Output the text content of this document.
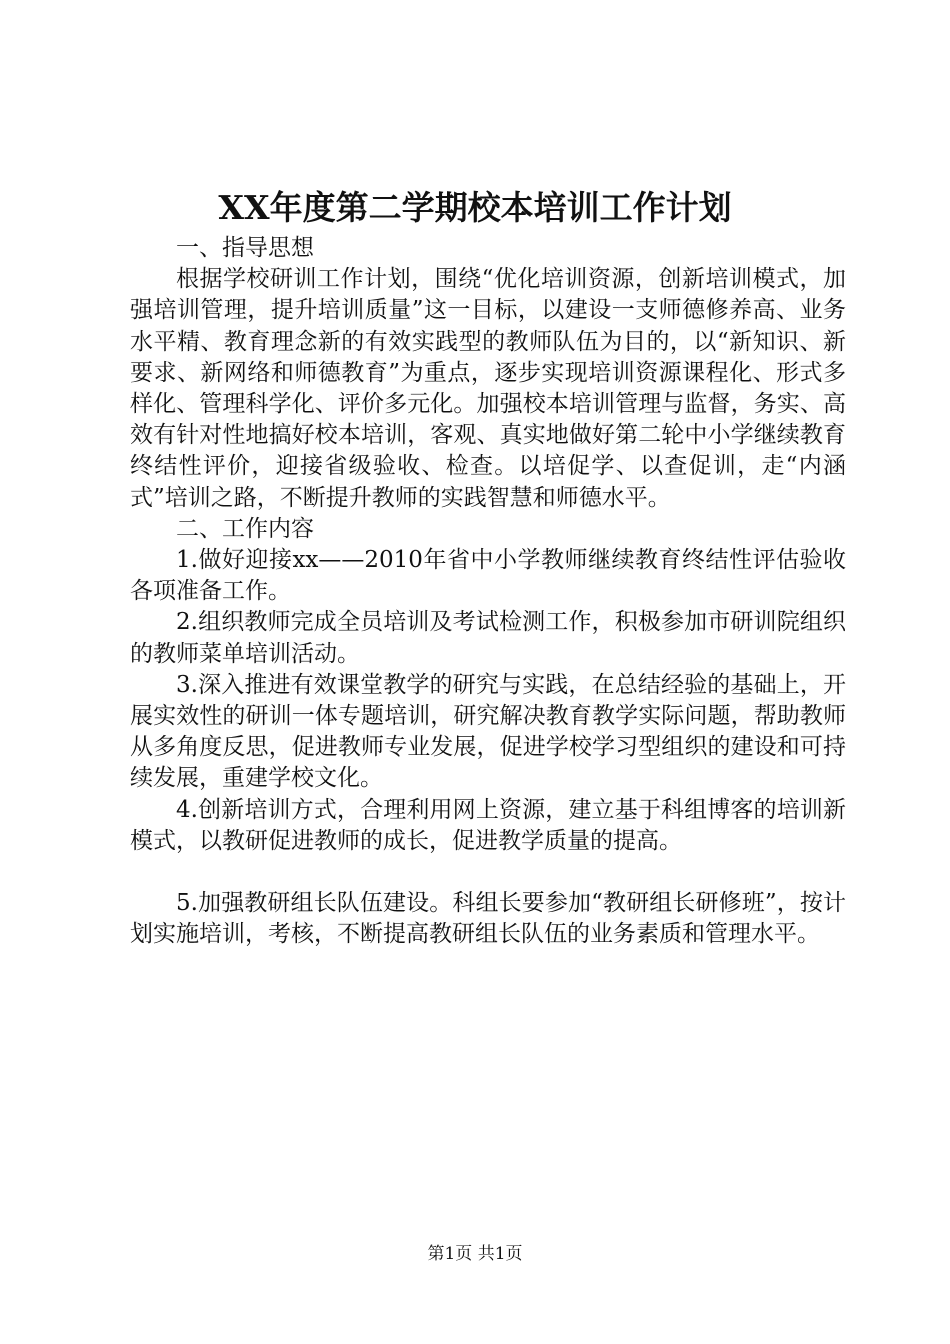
XX年度第二学期校本培训工作计划

一、指导思想

根据学校研训工作计划，围绕“优化培训资源，创新培训模式，加强培训管理，提升培训质量”这一目标，以建设一支师德修养高、业务水平精、教育理念新的有效实践型的教师队伍为目的，以“新知识、新要求、新网络和师德教育”为重点，逐步实现培训资源课程化、形式多样化、管理科学化、评价多元化。加强校本培训管理与监督，务实、高效有针对性地搞好校本培训，客观、真实地做好第二轮中小学继续教育终结性评价，迎接省级验收、检查。以培促学、以查促训，走“内涵式”培训之路，不断提升教师的实践智慧和师德水平。

二、工作内容

1.做好迎接xx——2010年省中小学教师继续教育终结性评估验收各项准备工作。

2.组织教师完成全员培训及考试检测工作，积极参加市研训院组织的教师菜单培训活动。

3.深入推进有效课堂教学的研究与实践，在总结经验的基础上，开展实效性的研训一体专题培训，研究解决教育教学实际问题，帮助教师从多角度反思，促进教师专业发展，促进学校学习型组织的建设和可持续发展，重建学校文化。

4.创新培训方式，合理利用网上资源，建立基于科组博客的培训新模式，以教研促进教师的成长，促进教学质量的提高。

5.加强教研组长队伍建设。科组长要参加“教研组长研修班”，按计划实施培训，考核，不断提高教研组长队伍的业务素质和管理水平。

第1页 共1页
